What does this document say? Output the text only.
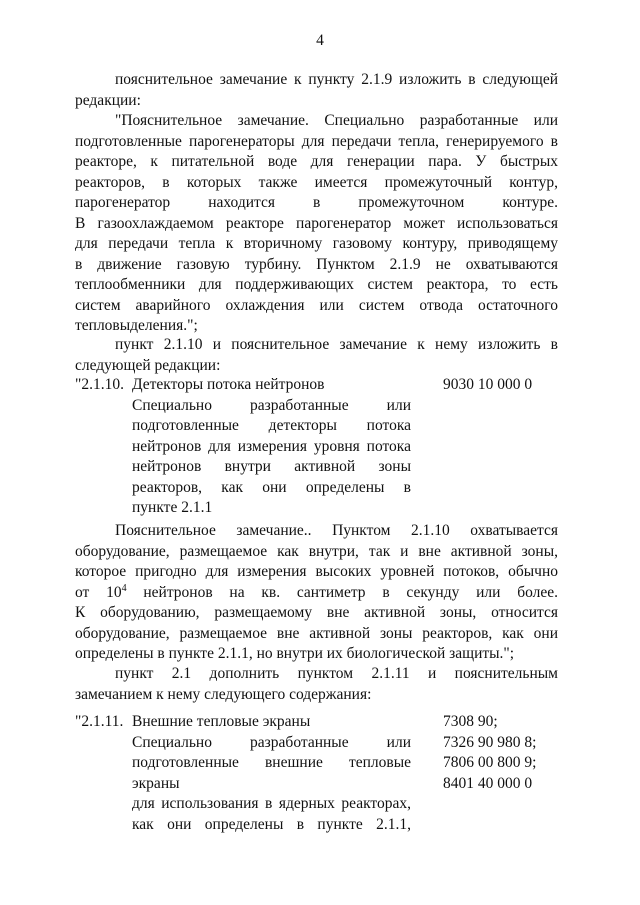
4
пояснительное замечание к пункту 2.1.9 изложить в следующей
редакции:
"Пояснительное замечание. Специально разработанные или
подготовленные парогенераторы для передачи тепла, генерируемого в
реакторе, к питательной воде для генерации пара. У быстрых
реакторов, в которых также имеется промежуточный контур,
парогенератор находится в промежуточном контуре.
В газоохлаждаемом реакторе парогенератор может использоваться
для передачи тепла к вторичному газовому контуру, приводящему
в движение газовую турбину. Пунктом 2.1.9 не охватываются
теплообменники для поддерживающих систем реактора, то есть
систем аварийного охлаждения или систем отвода остаточного
тепловыделения.";
пункт 2.1.10 и пояснительное замечание к нему изложить в
следующей редакции:
"2.1.10. Детекторы потока нейтронов
Специально разработанные или
подготовленные детекторы потока
нейтронов для измерения уровня потока
нейтронов внутри активной зоны
реакторов, как они определены в
пункте 2.1.1
9030 10 000 0
Пояснительное замечание.. Пунктом 2.1.10 охватывается
оборудование, размещаемое как внутри, так и вне активной зоны,
которое пригодно для измерения высоких уровней потоков, обычно
от $10^4$ нейтронов на кв. сантиметр в секунду или более.
К оборудованию, размещаемому вне активной зоны, относится
оборудование, размещаемое вне активной зоны реакторов, как они
определены в пункте 2.1.1, но внутри их биологической защиты.";
пункт 2.1 дополнить пунктом 2.1.11 и пояснительным
замечанием к нему следующего содержания:
"2.1.11. Внешние тепловые экраны
Специально разработанные или
подготовленные внешние тепловые экраны
для использования в ядерных реакторах,
как они определены в пункте 2.1.1,
7308 90;
7326 90 980 8;
7806 00 800 9;
8401 40 000 0
